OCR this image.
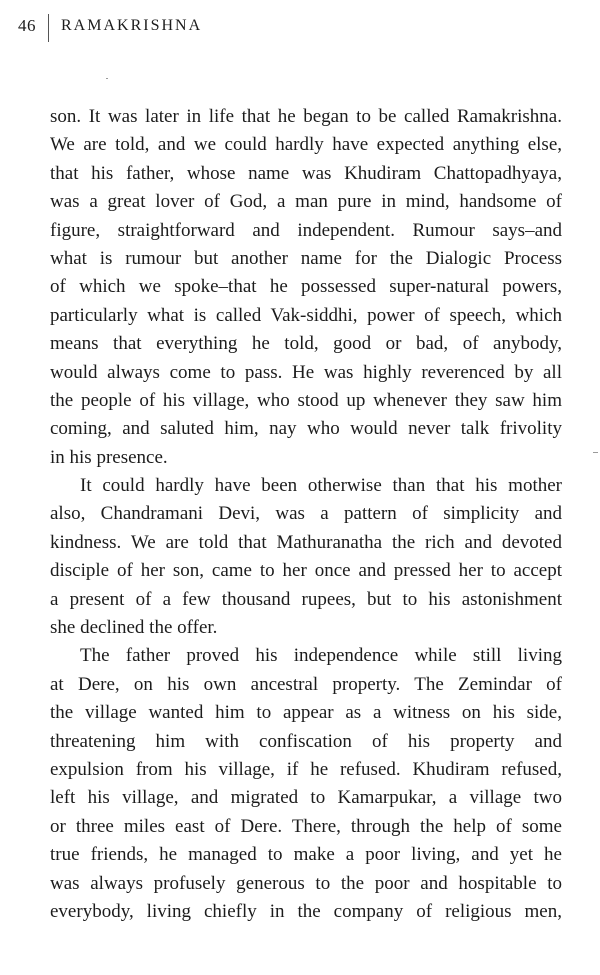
46 RAMAKRISHNA
son. It was later in life that he began to be called Ramakrishna.
We are told, and we could hardly have expected anything else,
that his father, whose name was Khudiram Chattopadhyaya,
was a great lover of God, a man pure in mind, handsome of
figure, straightforward and independent. Rumour says–and
what is rumour but another name for the Dialogic Process
of which we spoke–that he possessed super-natural powers,
particularly what is called Vak-siddhi, power of speech, which
means that everything he told, good or bad, of anybody,
would always come to pass. He was highly reverenced by all
the people of his village, who stood up whenever they saw him
coming, and saluted him, nay who would never talk frivolity
in his presence.
It could hardly have been otherwise than that his mother
also, Chandramani Devi, was a pattern of simplicity and
kindness. We are told that Mathuranatha the rich and devoted
disciple of her son, came to her once and pressed her to accept
a present of a few thousand rupees, but to his astonishment
she declined the offer.
The father proved his independence while still living
at Dere, on his own ancestral property. The Zemindar of
the village wanted him to appear as a witness on his side,
threatening him with confiscation of his property and
expulsion from his village, if he refused. Khudiram refused,
left his village, and migrated to Kamarpukar, a village two
or three miles east of Dere. There, through the help of some
true friends, he managed to make a poor living, and yet he
was always profusely generous to the poor and hospitable to
everybody, living chiefly in the company of religious men,
